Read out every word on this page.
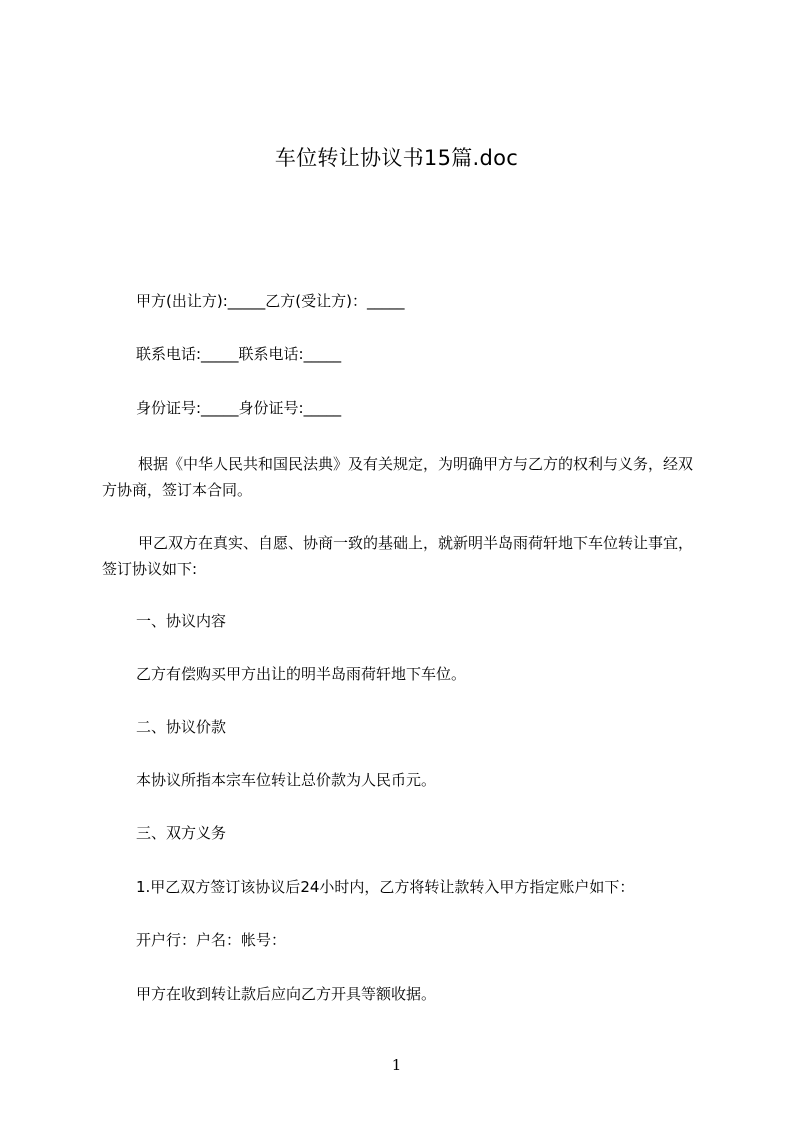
车位转让协议书15篇.doc
甲方(出让方):_____乙方(受让方)：_____
联系电话:_____联系电话:_____
身份证号:_____身份证号:_____
根据《中华人民共和国民法典》及有关规定，为明确甲方与乙方的权利与义务，经双方协商，签订本合同。
甲乙双方在真实、自愿、协商一致的基础上，就新明半岛雨荷轩地下车位转让事宜，签订协议如下:
一、协议内容
乙方有偿购买甲方出让的明半岛雨荷轩地下车位。
二、协议价款
本协议所指本宗车位转让总价款为人民币元。
三、双方义务
1.甲乙双方签订该协议后24小时内，乙方将转让款转入甲方指定账户如下：
开户行：户名：帐号：
甲方在收到转让款后应向乙方开具等额收据。
1
